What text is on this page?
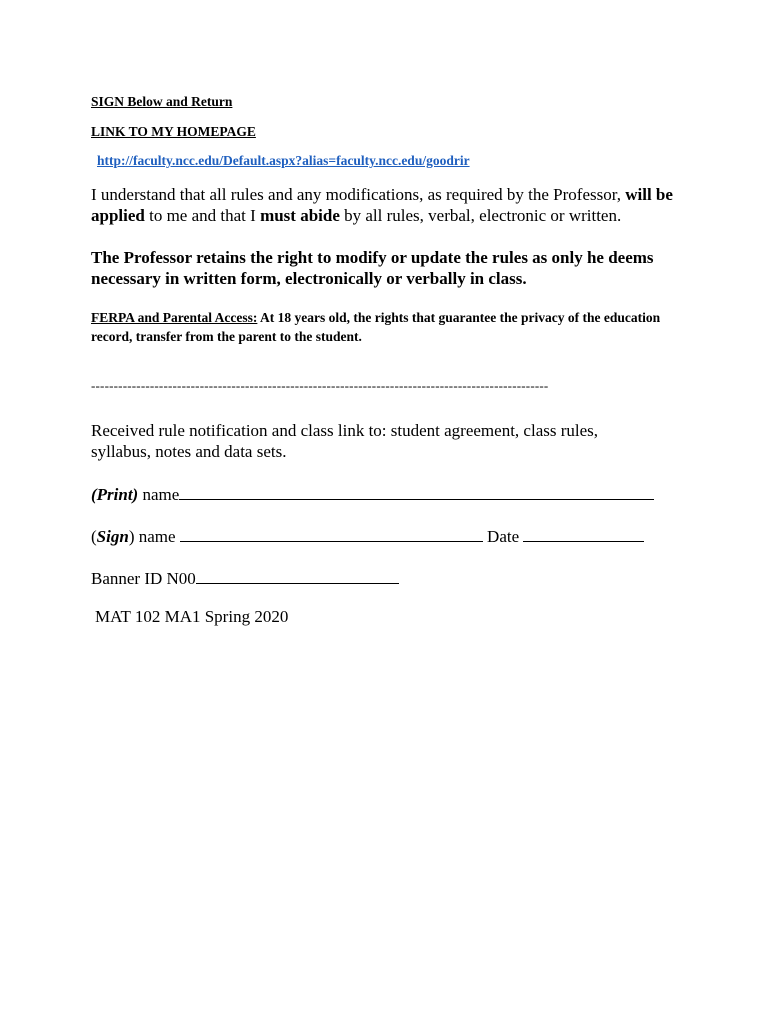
SIGN Below and Return
LINK TO MY HOMEPAGE
http://faculty.ncc.edu/Default.aspx?alias=faculty.ncc.edu/goodrir
I understand that all rules and any modifications, as required by the Professor, will be applied to me and that I must abide by all rules, verbal, electronic or written.
The Professor retains the right to modify or update the rules as only he deems necessary in written form, electronically or verbally in class.
FERPA and Parental Access: At 18 years old, the rights that guarantee the privacy of the education record, transfer from the parent to the student.
-----------------------------------------------------------------------------------------------------
Received rule notification and class link to: student agreement, class rules, syllabus, notes and data sets.
(Print) name
(Sign) name	Date
Banner ID N00
MAT 102 MA1 Spring 2020
